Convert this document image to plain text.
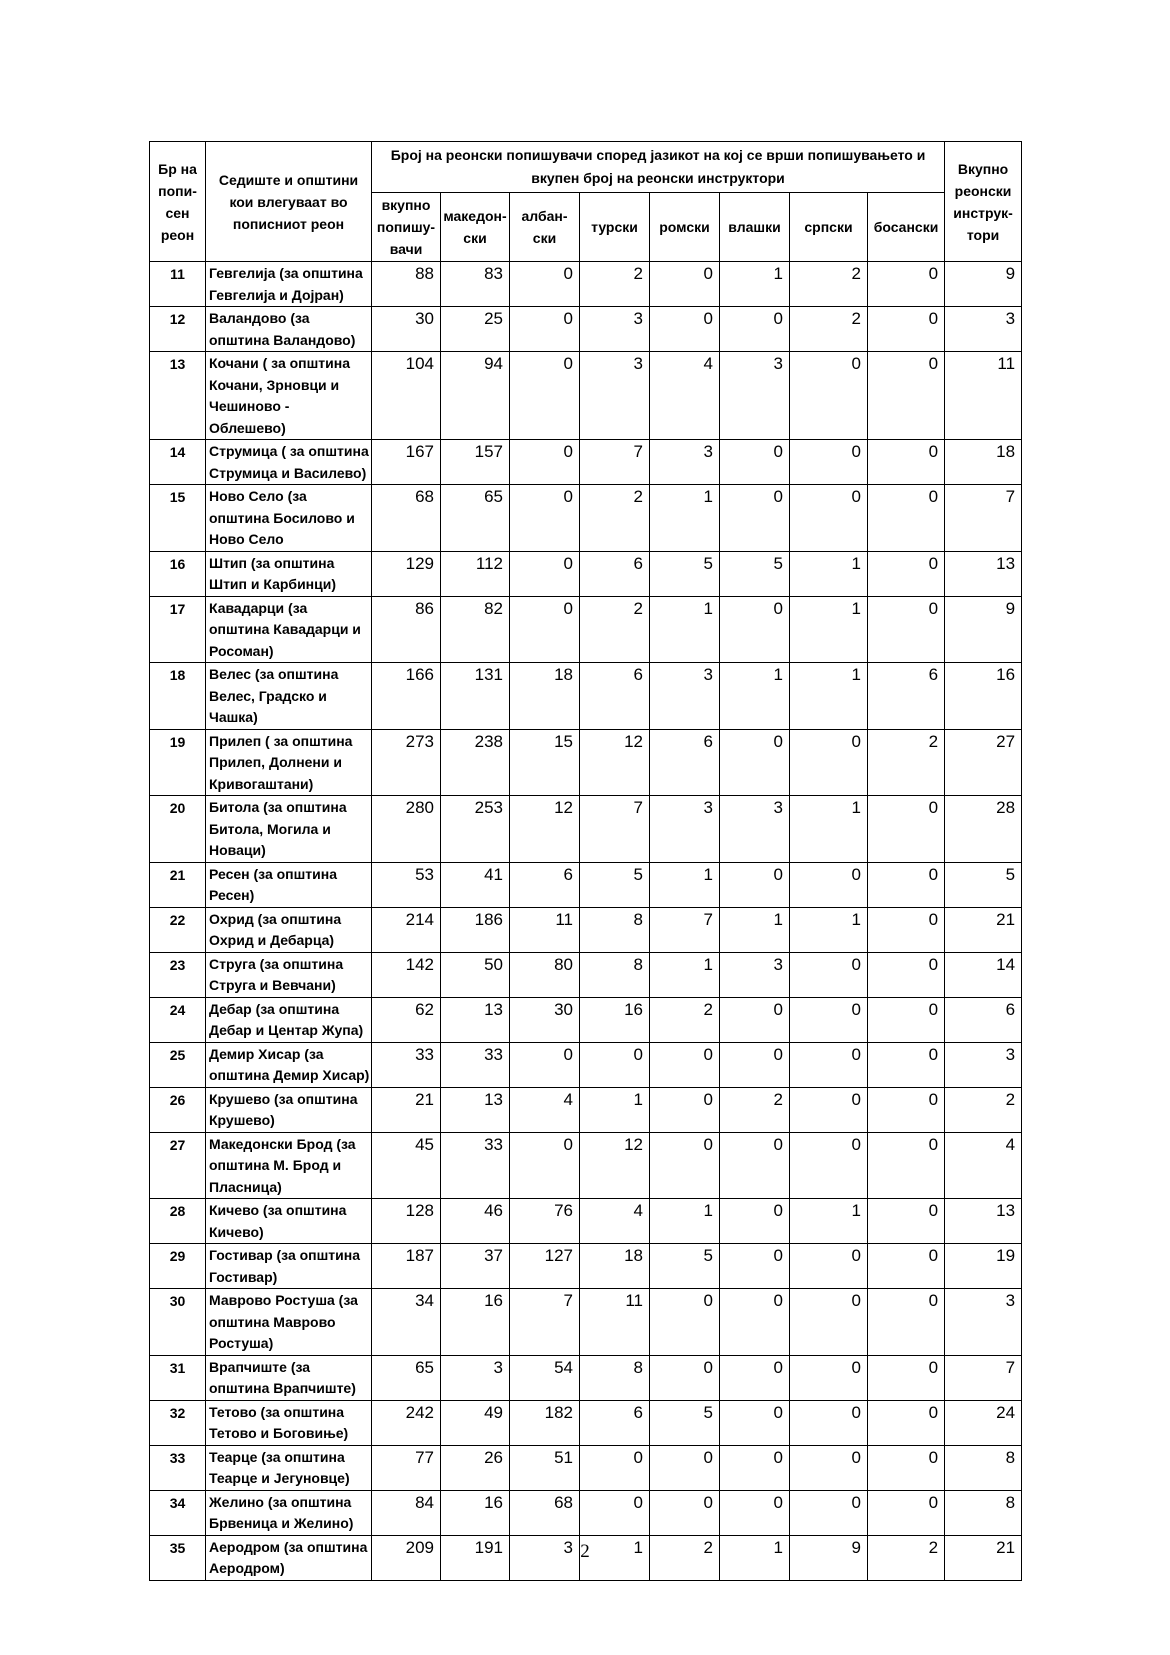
Бр на попи- сен реон	Седиште и општини кои влегуваат во пописниот реон	Број на реонски попишувачи според јазикот на кој се врши попишувањето и вкупен број на реонски инструктори								Вкупно реонски инструк- тори
		вкупно попишу- вачи	македон- ски	албан- ски	турски	ромски	влашки	српски	босански	
11	Гевгелија (за општина Гевгелија и Дојран)	88	83	0	2	0	1	2	0	9
12	Валандово (за општина Валандово)	30	25	0	3	0	0	2	0	3
13	Кочани ( за општина Кочани, Зрновци и Чешиново - Облешево)	104	94	0	3	4	3	0	0	11
14	Струмица ( за општина Струмица и Василево)	167	157	0	7	3	0	0	0	18
15	Ново Село (за општина Босилово и Ново Село	68	65	0	2	1	0	0	0	7
16	Штип (за општина Штип и Карбинци)	129	112	0	6	5	5	1	0	13
17	Кавадарци (за општина Кавадарци и Росоман)	86	82	0	2	1	0	1	0	9
18	Велес (за општина Велес, Градско и Чашка)	166	131	18	6	3	1	1	6	16
19	Прилеп ( за општина Прилеп, Долнени и Кривогаштани)	273	238	15	12	6	0	0	2	27
20	Битола (за општина Битола, Могила и Новаци)	280	253	12	7	3	3	1	0	28
21	Ресен (за општина Ресен)	53	41	6	5	1	0	0	0	5
22	Охрид (за општина Охрид и Дебарца)	214	186	11	8	7	1	1	0	21
23	Струга (за општина Струга и Вевчани)	142	50	80	8	1	3	0	0	14
24	Дебар (за општина Дебар и Центар Жупа)	62	13	30	16	2	0	0	0	6
25	Демир Хисар (за општина Демир Хисар)	33	33	0	0	0	0	0	0	3
26	Крушево (за општина Крушево)	21	13	4	1	0	2	0	0	2
27	Македонски Брод (за општина М. Брод и Пласница)	45	33	0	12	0	0	0	0	4
28	Кичево (за општина Кичево)	128	46	76	4	1	0	1	0	13
29	Гостивар (за општина Гостивар)	187	37	127	18	5	0	0	0	19
30	Маврово Ростуша (за општина Маврово Ростуша)	34	16	7	11	0	0	0	0	3
31	Врапчиште (за општина Врапчиште)	65	3	54	8	0	0	0	0	7
32	Тетово (за општина Тетово и Боговиње)	242	49	182	6	5	0	0	0	24
33	Теарце (за општина Теарце и Јегуновце)	77	26	51	0	0	0	0	0	8
34	Желино (за општина Брвеница и Желино)	84	16	68	0	0	0	0	0	8
35	Аеродром (за општина Аеродром)	209	191	3	1	2	1	9	2	21
2
